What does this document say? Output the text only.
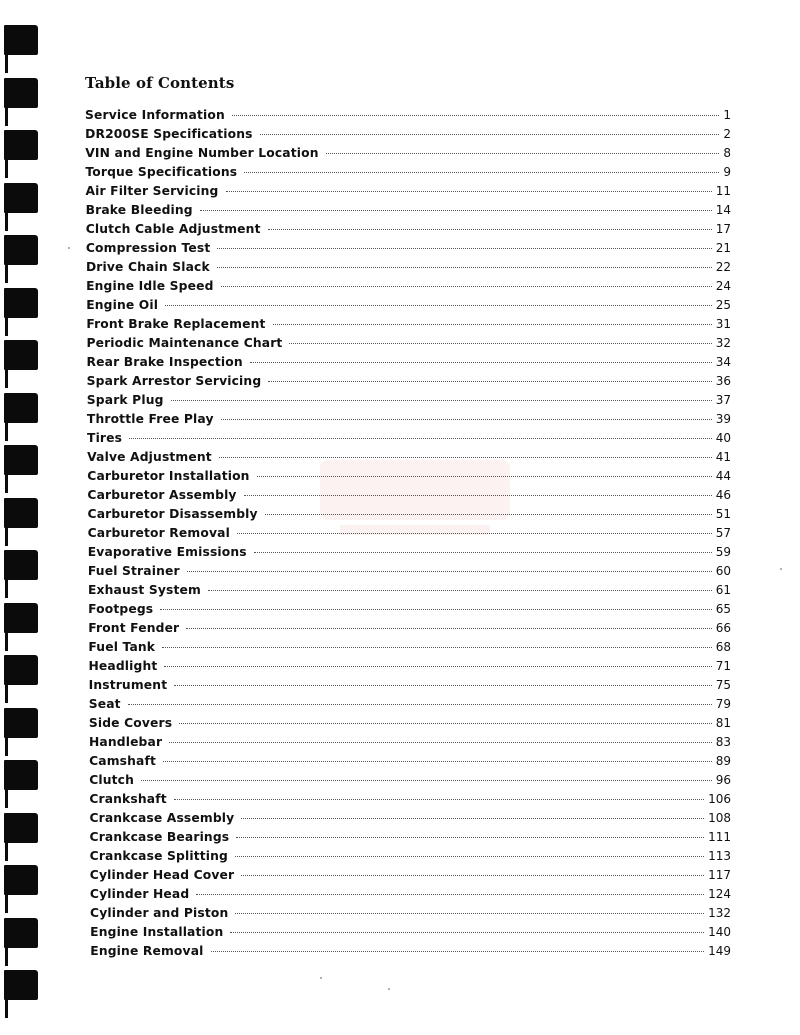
Table of Contents
Service Information	1
DR200SE Specifications	2
VIN and Engine Number Location	8
Torque Specifications	9
Air Filter Servicing	11
Brake Bleeding	14
Clutch Cable Adjustment	17
Compression Test	21
Drive Chain Slack	22
Engine Idle Speed	24
Engine Oil	25
Front Brake Replacement	31
Periodic Maintenance Chart	32
Rear Brake Inspection	34
Spark Arrestor Servicing	36
Spark Plug	37
Throttle Free Play	39
Tires	40
Valve Adjustment	41
Carburetor Installation	44
Carburetor Assembly	46
Carburetor Disassembly	51
Carburetor Removal	57
Evaporative Emissions	59
Fuel Strainer	60
Exhaust System	61
Footpegs	65
Front Fender	66
Fuel Tank	68
Headlight	71
Instrument	75
Seat	79
Side Covers	81
Handlebar	83
Camshaft	89
Clutch	96
Crankshaft	106
Crankcase Assembly	108
Crankcase Bearings	111
Crankcase Splitting	113
Cylinder Head Cover	117
Cylinder Head	124
Cylinder and Piston	132
Engine Installation	140
Engine Removal	149
